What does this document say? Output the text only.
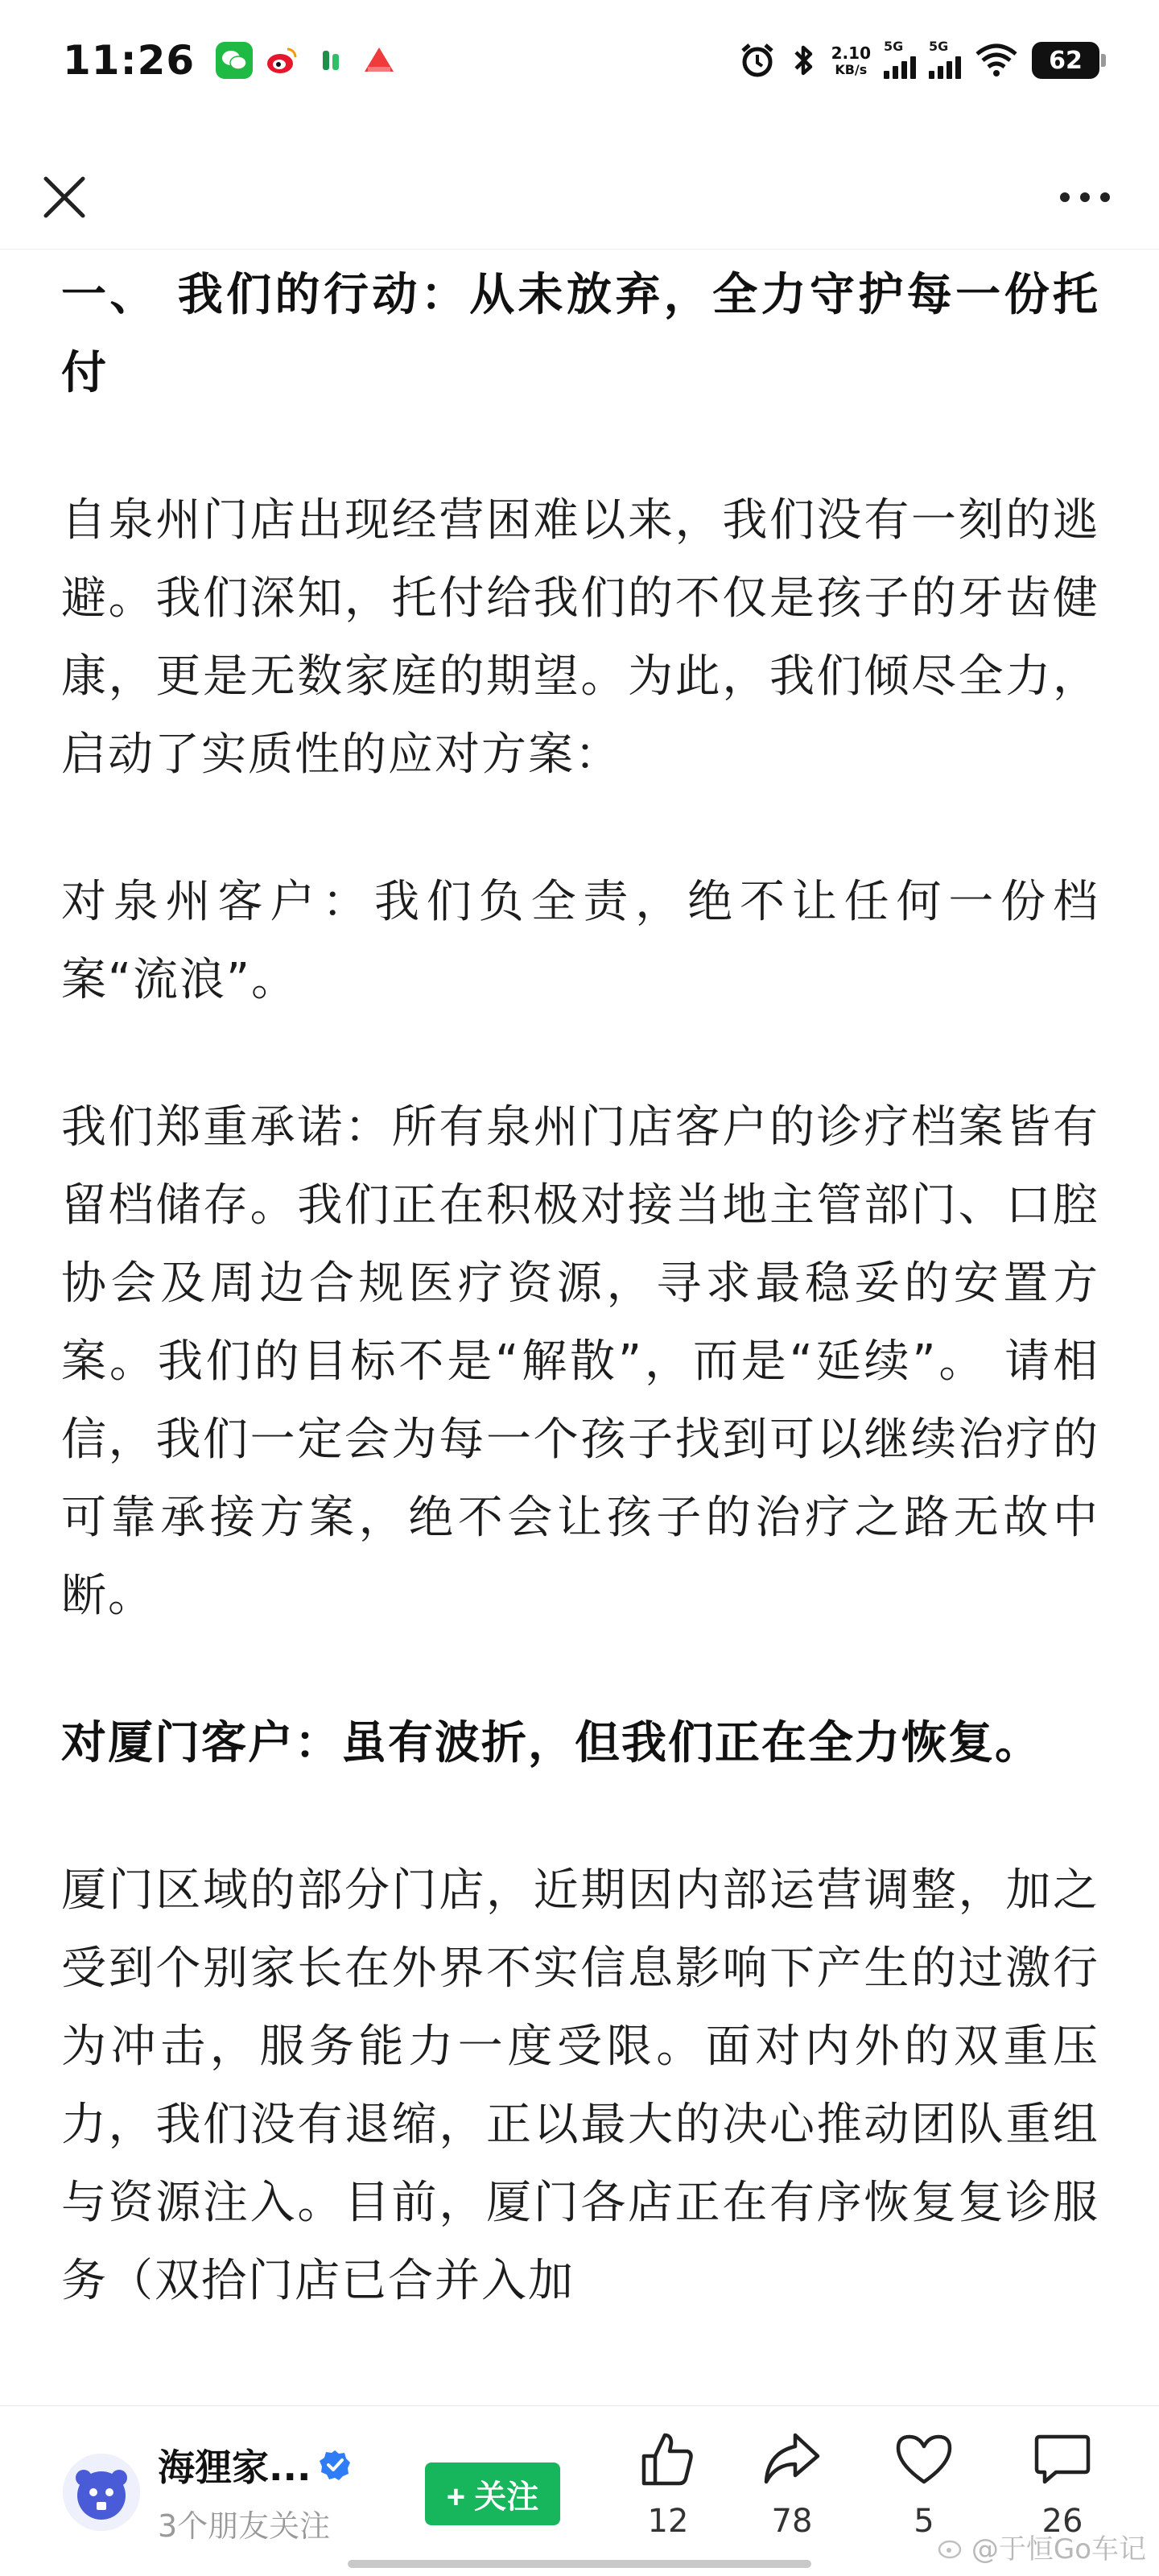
11:26	2.10
KB/s
5G 5G	62

一、 我们的行动：从未放弃，全力守护每一份托付

自泉州门店出现经营困难以来，我们没有一刻的逃避。我们深知，托付给我们的不仅是孩子的牙齿健康，更是无数家庭的期望。为此，我们倾尽全力，启动了实质性的应对方案：

对泉州客户：我们负全责，绝不让任何一份档案“流浪”。

我们郑重承诺：所有泉州门店客户的诊疗档案皆有留档储存。我们正在积极对接当地主管部门、口腔协会及周边合规医疗资源，寻求最稳妥的安置方案。我们的目标不是“解散”，而是“延续”。 请相信，我们一定会为每一个孩子找到可以继续治疗的可靠承接方案，绝不会让孩子的治疗之路无故中断。

对厦门客户：虽有波折，但我们正在全力恢复。

厦门区域的部分门店，近期因内部运营调整，加之受到个别家长在外界不实信息影响下产生的过激行为冲击，服务能力一度受限。面对内外的双重压力，我们没有退缩，正以最大的决心推动团队重组与资源注入。目前，厦门各店正在有序恢复复诊服务（双拾门店已合并入加

海狸家...
3个朋友关注
+ 关注
12	78	5	26
@于恒Go车记
